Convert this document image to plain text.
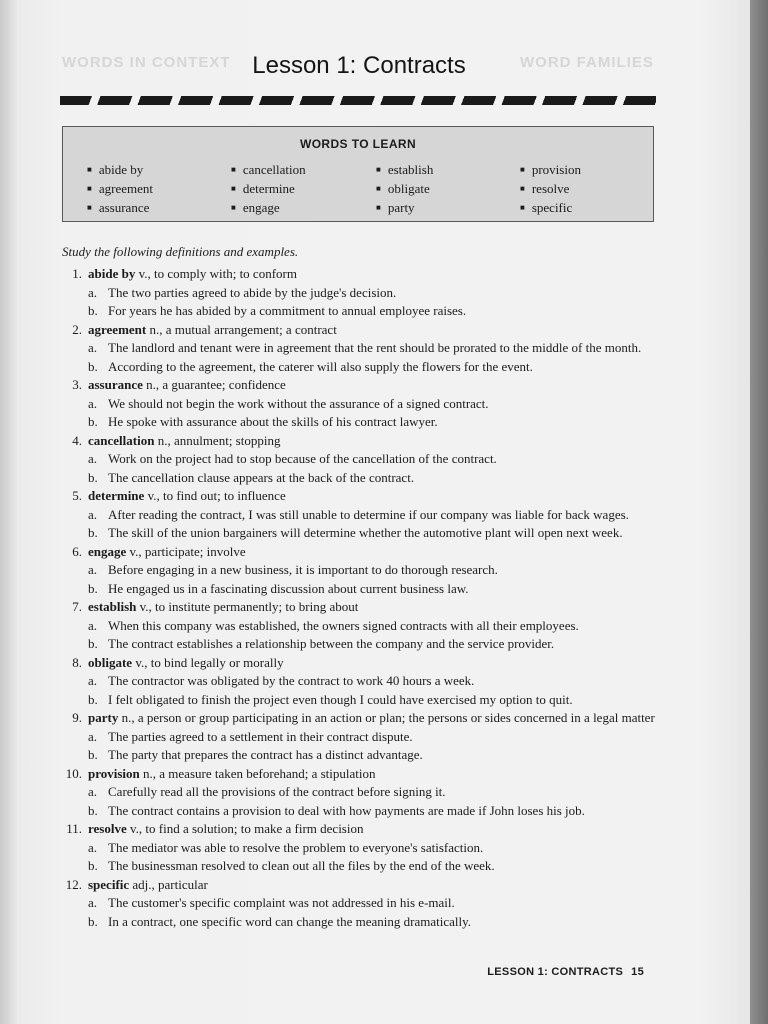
WORDS IN CONTEXT	WORD FAMILIES
Lesson 1: Contracts
WORDS TO LEARN
■ abide by
■ agreement
■ assurance
■ cancellation
■ determine
■ engage
■ establish
■ obligate
■ party
■ provision
■ resolve
■ specific
Study the following definitions and examples.
1. abide by v., to comply with; to conform
a. The two parties agreed to abide by the judge's decision.
b. For years he has abided by a commitment to annual employee raises.
2. agreement n., a mutual arrangement; a contract
a. The landlord and tenant were in agreement that the rent should be prorated to the middle of the month.
b. According to the agreement, the caterer will also supply the flowers for the event.
3. assurance n., a guarantee; confidence
a. We should not begin the work without the assurance of a signed contract.
b. He spoke with assurance about the skills of his contract lawyer.
4. cancellation n., annulment; stopping
a. Work on the project had to stop because of the cancellation of the contract.
b. The cancellation clause appears at the back of the contract.
5. determine v., to find out; to influence
a. After reading the contract, I was still unable to determine if our company was liable for back wages.
b. The skill of the union bargainers will determine whether the automotive plant will open next week.
6. engage v., participate; involve
a. Before engaging in a new business, it is important to do thorough research.
b. He engaged us in a fascinating discussion about current business law.
7. establish v., to institute permanently; to bring about
a. When this company was established, the owners signed contracts with all their employees.
b. The contract establishes a relationship between the company and the service provider.
8. obligate v., to bind legally or morally
a. The contractor was obligated by the contract to work 40 hours a week.
b. I felt obligated to finish the project even though I could have exercised my option to quit.
9. party n., a person or group participating in an action or plan; the persons or sides concerned in a legal matter
a. The parties agreed to a settlement in their contract dispute.
b. The party that prepares the contract has a distinct advantage.
10. provision n., a measure taken beforehand; a stipulation
a. Carefully read all the provisions of the contract before signing it.
b. The contract contains a provision to deal with how payments are made if John loses his job.
11. resolve v., to find a solution; to make a firm decision
a. The mediator was able to resolve the problem to everyone's satisfaction.
b. The businessman resolved to clean out all the files by the end of the week.
12. specific adj., particular
a. The customer's specific complaint was not addressed in his e-mail.
b. In a contract, one specific word can change the meaning dramatically.
LESSON 1: CONTRACTS 15
